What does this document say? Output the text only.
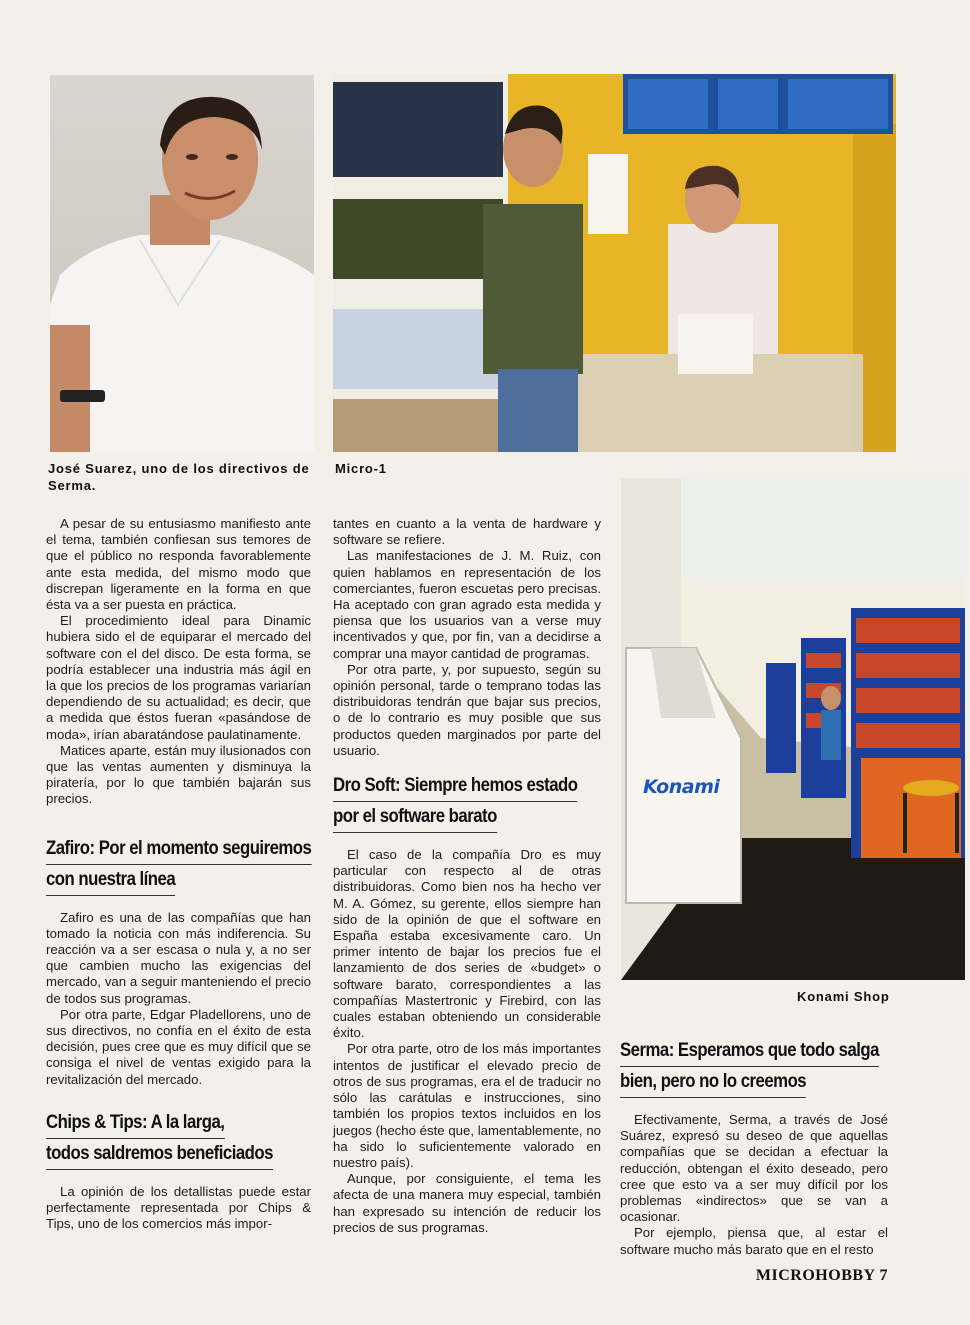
Konami
José Suarez, uno de los directivos de Serma.
Micro-1
Konami Shop

A pesar de su entusiasmo manifiesto ante el tema, también confiesan sus temores de que el público no responda favorablemente ante esta medida, del mismo modo que discrepan ligeramente en la forma en que ésta va a ser puesta en práctica.

El procedimiento ideal para Dinamic hubiera sido el de equiparar el mercado del software con el del disco. De esta forma, se podría establecer una industria más ágil en la que los precios de los programas variarían dependiendo de su actualidad; es decir, que a medida que éstos fueran «pasándose de moda», irían abaratándose paulatinamente.

Matices aparte, están muy ilusionados con que las ventas aumenten y disminuya la piratería, por lo que también bajarán sus precios.

Zafiro: Por el momento seguiremos
con nuestra línea

Zafiro es una de las compañías que han tomado la noticia con más indiferencia. Su reacción va a ser escasa o nula y, a no ser que cambien mucho las exigencias del mercado, van a seguir manteniendo el precio de todos sus programas.

Por otra parte, Edgar Pladellorens, uno de sus directivos, no confía en el éxito de esta decisión, pues cree que es muy difícil que se consiga el nivel de ventas exigido para la revitalización del mercado.

Chips & Tips: A la larga,
todos saldremos beneficiados

La opinión de los detallistas puede estar perfectamente representada por Chips & Tips, uno de los comercios más impor-

tantes en cuanto a la venta de hardware y software se refiere.

Las manifestaciones de J. M. Ruiz, con quien hablamos en representación de los comerciantes, fueron escuetas pero precisas. Ha aceptado con gran agrado esta medida y piensa que los usuarios van a verse muy incentivados y que, por fin, van a decidirse a comprar una mayor cantidad de programas.

Por otra parte, y, por supuesto, según su opinión personal, tarde o temprano todas las distribuidoras tendrán que bajar sus precios, o de lo contrario es muy posible que sus productos queden marginados por parte del usuario.

Dro Soft: Siempre hemos estado
por el software barato

El caso de la compañía Dro es muy particular con respecto al de otras distribuidoras. Como bien nos ha hecho ver M. A. Gómez, su gerente, ellos siempre han sido de la opinión de que el software en España estaba excesivamente caro. Un primer intento de bajar los precios fue el lanzamiento de dos series de «budget» o software barato, correspondientes a las compañías Mastertronic y Firebird, con las cuales estaban obteniendo un considerable éxito.

Por otra parte, otro de los más importantes intentos de justificar el elevado precio de otros de sus programas, era el de traducir no sólo las carátulas e instrucciones, sino también los propios textos incluidos en los juegos (hecho éste que, lamentablemente, no ha sido lo suficientemente valorado en nuestro país).

Aunque, por consiguiente, el tema les afecta de una manera muy especial, también han expresado su intención de reducir los precios de sus programas.

Serma: Esperamos que todo salga
bien, pero no lo creemos

Efectivamente, Serma, a través de José Suárez, expresó su deseo de que aquellas compañías que se decidan a efectuar la reducción, obtengan el éxito deseado, pero cree que esto va a ser muy difícil por los problemas «indirectos» que se van a ocasionar.

Por ejemplo, piensa que, al estar el software mucho más barato que en el resto

MICROHOBBY 7
